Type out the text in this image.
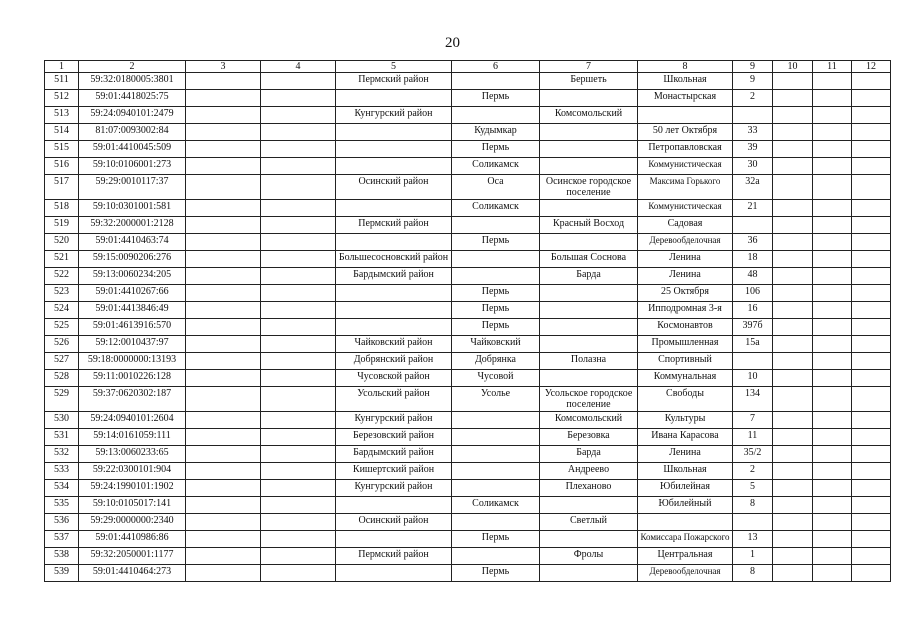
20
1	2	3	4	5	6	7	8	9	10	11	12
511	59:32:0180005:3801			Пермский район		Бершеть	Школьная	9			
512	59:01:4418025:75				Пермь		Монастырская	2			
513	59:24:0940101:2479			Кунгурский район		Комсомольский					
514	81:07:0093002:84				Кудымкар		50 лет Октября	33			
515	59:01:4410045:509				Пермь		Петропавловская	39			
516	59:10:0106001:273				Соликамск		Коммунистическая	30			
517	59:29:0010117:37			Осинский район	Оса	Осинское городское поселение	Максима Горького	32а			
518	59:10:0301001:581				Соликамск		Коммунистическая	21			
519	59:32:2000001:2128			Пермский район		Красный Восход	Садовая				
520	59:01:4410463:74				Пермь		Деревообделочная	36			
521	59:15:0090206:276			Большесосновский район		Большая Соснова	Ленина	18			
522	59:13:0060234:205			Бардымский район		Барда	Ленина	48			
523	59:01:4410267:66				Пермь		25 Октября	106			
524	59:01:4413846:49				Пермь		Ипподромная 3-я	16			
525	59:01:4613916:570				Пермь		Космонавтов	397б			
526	59:12:0010437:97			Чайковский район	Чайковский		Промышленная	15а			
527	59:18:0000000:13193			Добрянский район	Добрянка	Полазна	Спортивный				
528	59:11:0010226:128			Чусовской район	Чусовой		Коммунальная	10			
529	59:37:0620302:187			Усольский район	Усолье	Усольское городское поселение	Свободы	134			
530	59:24:0940101:2604			Кунгурский район		Комсомольский	Культуры	7			
531	59:14:0161059:111			Березовский район		Березовка	Ивана Карасова	11			
532	59:13:0060233:65			Бардымский район		Барда	Ленина	35/2			
533	59:22:0300101:904			Кишертский район		Андреево	Школьная	2			
534	59:24:1990101:1902			Кунгурский район		Плеханово	Юбилейная	5			
535	59:10:0105017:141				Соликамск		Юбилейный	8			
536	59:29:0000000:2340			Осинский район		Светлый					
537	59:01:4410986:86				Пермь		Комиссара Пожарского	13			
538	59:32:2050001:1177			Пермский район		Фролы	Центральная	1			
539	59:01:4410464:273				Пермь		Деревообделочная	8			
